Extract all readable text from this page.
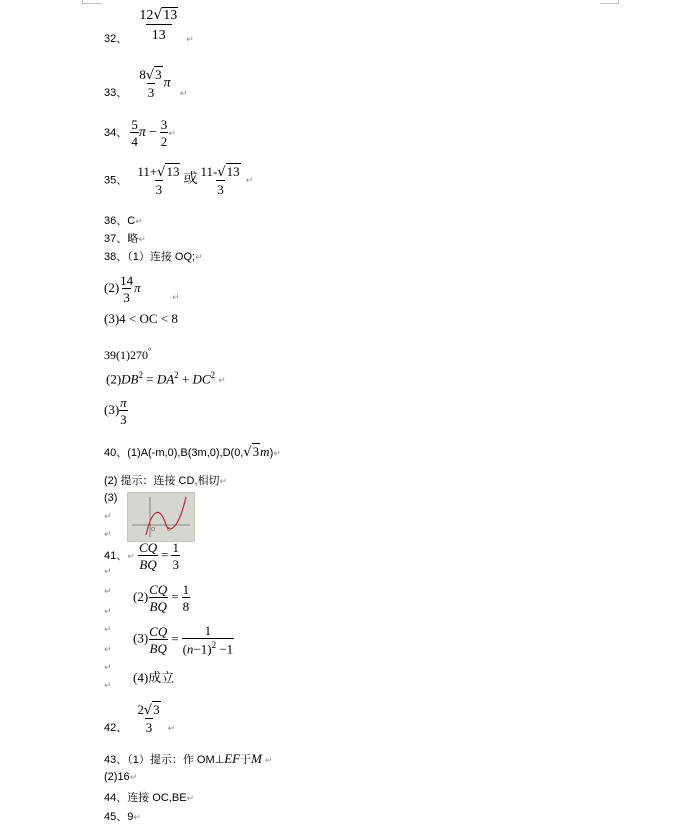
32、 $\frac{12√13}{13} _↵$
33、 $\frac{8√3}{3}$ π $_↵$
34、 $\frac{5}{4}$ $\pi - \frac{3}{2}$ ↵
35、 $\frac{11+√13}{3}$ 或 $\frac{11-√13}{3}$ ↵
36、C↵
37、略↵
38、（1）连接 OQ;↵
$(2) \frac{14}{3}$ π $_↵$
(3)4 < OC < 8
39(1)270°
$(2)DB^2 = DA^2$ + $DC^2↵$
$(3) \frac{\pi}{3}$
40、(1)A(-m,0),B(3m,0),D(0,√3m)↵
(2) 提示：连接 CD,相切↵
(3)
O C
↵
↵
41、↵ $\frac{CQ}{BQ} = \frac{1}{3}$
↵
↵ $(2) \frac{CQ}{BQ} = \frac{1}{8}$
↵
↵
↵
$(3) \frac{CQ}{BQ} = \frac{1}{(n-1)^2 -1}$
(4)成立
↵
↵
42、 $\frac{2√3}{3} _↵$
43、（1）提示：作 OM⊥EF于M ↵
(2)16↵
44、连接 OC,BE↵
45、9↵
